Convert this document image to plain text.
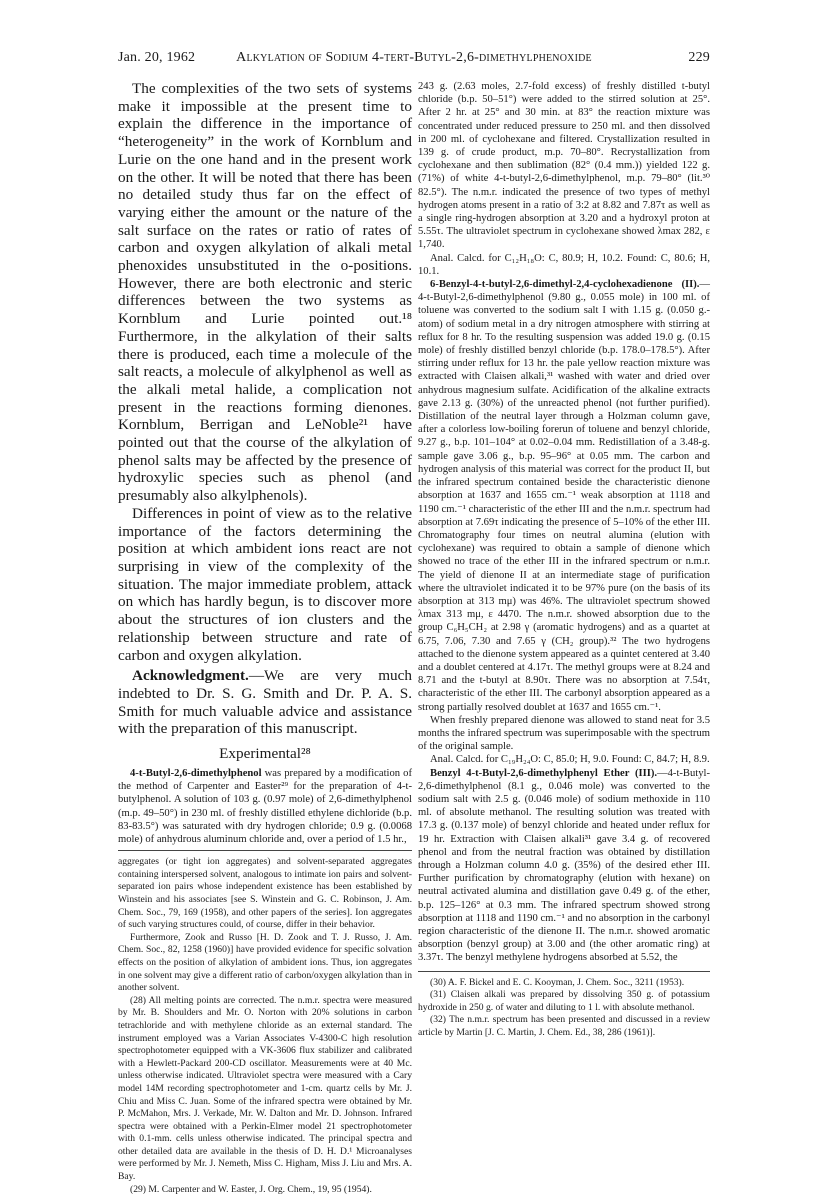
Jan. 20, 1962	Alkylation of Sodium 4-tert-Butyl-2,6-dimethylphenoxide	229

The complexities of the two sets of systems make it impossible at the present time to explain the difference in the importance of “heterogeneity” in the work of Kornblum and Lurie on the one hand and in the present work on the other. It will be noted that there has been no detailed study thus far on the effect of varying either the amount or the nature of the salt surface on the rates or ratio of rates of carbon and oxygen alkylation of alkali metal phenoxides unsubstituted in the o-positions. However, there are both electronic and steric differences between the two systems as Kornblum and Lurie pointed out.¹⁸ Furthermore, in the alkylation of their salts there is produced, each time a molecule of the salt reacts, a molecule of alkylphenol as well as the alkali metal halide, a complication not present in the reactions forming dienones. Kornblum, Berrigan and LeNoble²¹ have pointed out that the course of the alkylation of phenol salts may be affected by the presence of hydroxylic species such as phenol (and presumably also alkylphenols).

Differences in point of view as to the relative importance of the factors determining the position at which ambident ions react are not surprising in view of the complexity of the situation. The major immediate problem, attack on which has hardly begun, is to discover more about the structures of ion clusters and the relationship between structure and rate of carbon and oxygen alkylation.

Acknowledgment.—We are very much indebted to Dr. S. G. Smith and Dr. P. A. S. Smith for much valuable advice and assistance with the preparation of this manuscript.

Experimental²⁸

4-t-Butyl-2,6-dimethylphenol was prepared by a modification of the method of Carpenter and Easter²⁹ for the preparation of 4-t-butylphenol. A solution of 103 g. (0.97 mole) of 2,6-dimethylphenol (m.p. 49–50°) in 230 ml. of freshly distilled ethylene dichloride (b.p. 83-83.5°) was saturated with dry hydrogen chloride; 0.9 g. (0.0068 mole) of anhydrous aluminum chloride and, over a period of 1.5 hr.,

aggregates (or tight ion aggregates) and solvent-separated aggregates containing interspersed solvent, analogous to intimate ion pairs and solvent-separated ion pairs whose independent existence has been established by Winstein and his associates [see S. Winstein and G. C. Robinson, J. Am. Chem. Soc., 79, 169 (1958), and other papers of the series]. Ion aggregates of such varying structures could, of course, differ in their behavior.

Furthermore, Zook and Russo [H. D. Zook and T. J. Russo, J. Am. Chem. Soc., 82, 1258 (1960)] have provided evidence for specific solvation effects on the position of alkylation of ambident ions. Thus, ion aggregates in one solvent may give a different ratio of carbon/oxygen alkylation than in another solvent.

(28) All melting points are corrected. The n.m.r. spectra were measured by Mr. B. Shoulders and Mr. O. Norton with 20% solutions in carbon tetrachloride and with methylene chloride as an external standard. The instrument employed was a Varian Associates V-4300-C high resolution spectrophotometer equipped with a VK-3606 flux stabilizer and calibrated with a Hewlett-Packard 200-CD oscillator. Measurements were at 40 Mc. unless otherwise indicated. Ultraviolet spectra were measured with a Cary model 14M recording spectrophotometer and 1-cm. quartz cells by Mr. J. Chiu and Miss C. Juan. Some of the infrared spectra were obtained by Mr. P. McMahon, Mrs. J. Verkade, Mr. W. Dalton and Mr. D. Johnson. Infrared spectra were obtained with a Perkin-Elmer model 21 spectrophotometer with 0.1-mm. cells unless otherwise indicated. The principal spectra and other detailed data are available in the thesis of D. H. D.¹ Microanalyses were performed by Mr. J. Nemeth, Miss C. Higham, Miss J. Liu and Mrs. A. Bay.

(29) M. Carpenter and W. Easter, J. Org. Chem., 19, 95 (1954).

243 g. (2.63 moles, 2.7-fold excess) of freshly distilled t-butyl chloride (b.p. 50–51°) were added to the stirred solution at 25°. After 2 hr. at 25° and 30 min. at 83° the reaction mixture was concentrated under reduced pressure to 250 ml. and then dissolved in 200 ml. of cyclohexane and filtered. Crystallization resulted in 139 g. of crude product, m.p. 70–80°. Recrystallization from cyclohexane and then sublimation (82° (0.4 mm.)) yielded 122 g. (71%) of white 4-t-butyl-2,6-dimethylphenol, m.p. 79–80° (lit.³⁰ 82.5°). The n.m.r. indicated the presence of two types of methyl hydrogen atoms present in a ratio of 3:2 at 8.82 and 7.87τ as well as a single ring-hydrogen absorption at 3.20 and a hydroxyl proton at 5.55τ. The ultraviolet spectrum in cyclohexane showed λmax 282, ε 1,740.

Anal. Calcd. for C₁₂H₁₈O: C, 80.9; H, 10.2. Found: C, 80.6; H, 10.1.

6-Benzyl-4-t-butyl-2,6-dimethyl-2,4-cyclohexadienone (II).—4-t-Butyl-2,6-dimethylphenol (9.80 g., 0.055 mole) in 100 ml. of toluene was converted to the sodium salt I with 1.15 g. (0.050 g.-atom) of sodium metal in a dry nitrogen atmosphere with stirring at reflux for 8 hr. To the resulting suspension was added 19.0 g. (0.15 mole) of freshly distilled benzyl chloride (b.p. 178.0–178.5°). After stirring under reflux for 13 hr. the pale yellow reaction mixture was extracted with Claisen alkali,³¹ washed with water and dried over anhydrous magnesium sulfate. Acidification of the alkaline extracts gave 2.13 g. (30%) of the unreacted phenol (not further purified). Distillation of the neutral layer through a Holzman column gave, after a colorless low-boiling forerun of toluene and benzyl chloride, 9.27 g., b.p. 101–104° at 0.02–0.04 mm. Redistillation of a 3.48-g. sample gave 3.06 g., b.p. 95–96° at 0.05 mm. The carbon and hydrogen analysis of this material was correct for the product II, but the infrared spectrum contained beside the characteristic dienone absorption at 1637 and 1655 cm.⁻¹ weak absorption at 1118 and 1190 cm.⁻¹ characteristic of the ether III and the n.m.r. spectrum had absorption at 7.69τ indicating the presence of 5–10% of the ether III. Chromatography four times on neutral alumina (elution with cyclohexane) was required to obtain a sample of dienone which showed no trace of the ether III in the infrared spectrum or n.m.r. The yield of dienone II at an intermediate stage of purification where the ultraviolet indicated it to be 97% pure (on the basis of its absorption at 313 mμ) was 46%. The ultraviolet spectrum showed λmax 313 mμ, ε 4470. The n.m.r. showed absorption due to the group C₆H₅CH₂ at 2.98 γ (aromatic hydrogens) and as a quartet at 6.75, 7.06, 7.30 and 7.65 γ (CH₂ group).³² The two hydrogens attached to the dienone system appeared as a quintet centered at 3.40 and a doublet centered at 4.17τ. The methyl groups were at 8.24 and 8.71 and the t-butyl at 8.90τ. There was no absorption at 7.54τ, characteristic of the ether III. The carbonyl absorption appeared as a strong partially resolved doublet at 1637 and 1655 cm.⁻¹.

When freshly prepared dienone was allowed to stand neat for 3.5 months the infrared spectrum was superimposable with the spectrum of the original sample.

Anal. Calcd. for C₁₉H₂₄O: C, 85.0; H, 9.0. Found: C, 84.7; H, 8.9.

Benzyl 4-t-Butyl-2,6-dimethylphenyl Ether (III).—4-t-Butyl-2,6-dimethylphenol (8.1 g., 0.046 mole) was converted to the sodium salt with 2.5 g. (0.046 mole) of sodium methoxide in 110 ml. of absolute methanol. The resulting solution was treated with 17.3 g. (0.137 mole) of benzyl chloride and heated under reflux for 19 hr. Extraction with Claisen alkali³¹ gave 3.4 g. of recovered phenol and from the neutral fraction was obtained by distillation through a Holzman column 4.0 g. (35%) of the desired ether III. Further purification by chromatography (elution with hexane) on neutral activated alumina and distillation gave 0.49 g. of the ether, b.p. 125–126° at 0.3 mm. The infrared spectrum showed strong absorption at 1118 and 1190 cm.⁻¹ and no absorption in the carbonyl region characteristic of the dienone II. The n.m.r. showed aromatic absorption (benzyl group) at 3.00 and (the other aromatic ring) at 3.37τ. The benzyl methylene hydrogens absorbed at 5.52, the

(30) A. F. Bickel and E. C. Kooyman, J. Chem. Soc., 3211 (1953).

(31) Claisen alkali was prepared by dissolving 350 g. of potassium hydroxide in 250 g. of water and diluting to 1 l. with absolute methanol.

(32) The n.m.r. spectrum has been presented and discussed in a review article by Martin [J. C. Martin, J. Chem. Ed., 38, 286 (1961)].
